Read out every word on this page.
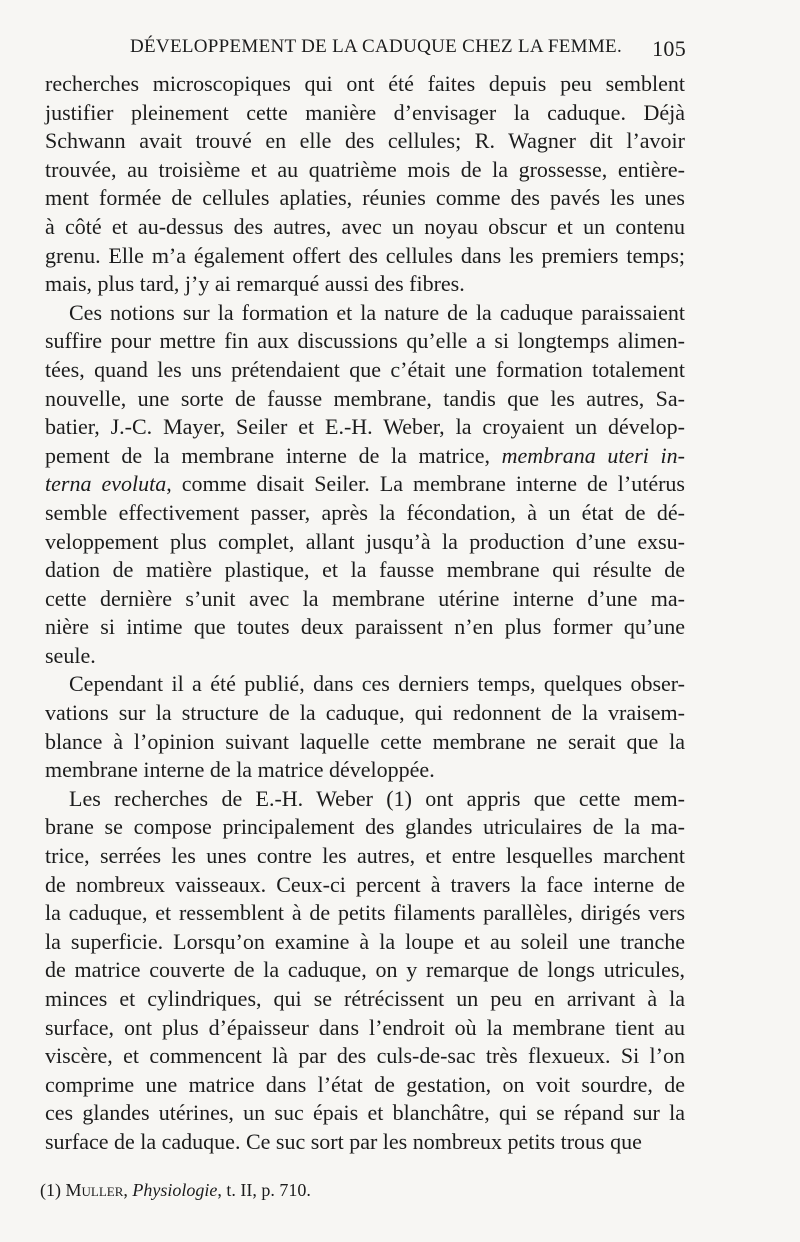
DÉVELOPPEMENT DE LA CADUQUE CHEZ LA FEMME. 105
recherches microscopiques qui ont été faites depuis peu semblent
justifier pleinement cette manière d’envisager la caduque. Déjà
Schwann avait trouvé en elle des cellules; R. Wagner dit l’avoir
trouvée, au troisième et au quatrième mois de la grossesse, entière-
ment formée de cellules aplaties, réunies comme des pavés les unes
à côté et au-dessus des autres, avec un noyau obscur et un contenu
grenu. Elle m’a également offert des cellules dans les premiers temps;
mais, plus tard, j’y ai remarqué aussi des fibres.
Ces notions sur la formation et la nature de la caduque paraissaient
suffire pour mettre fin aux discussions qu’elle a si longtemps alimen-
tées, quand les uns prétendaient que c’était une formation totalement
nouvelle, une sorte de fausse membrane, tandis que les autres, Sa-
batier, J.-C. Mayer, Seiler et E.-H. Weber, la croyaient un dévelop-
pement de la membrane interne de la matrice, membrana uteri in-
terna evoluta, comme disait Seiler. La membrane interne de l’utérus
semble effectivement passer, après la fécondation, à un état de dé-
veloppement plus complet, allant jusqu’à la production d’une exsu-
dation de matière plastique, et la fausse membrane qui résulte de
cette dernière s’unit avec la membrane utérine interne d’une ma-
nière si intime que toutes deux paraissent n’en plus former qu’une
seule.
Cependant il a été publié, dans ces derniers temps, quelques obser-
vations sur la structure de la caduque, qui redonnent de la vraisem-
blance à l’opinion suivant laquelle cette membrane ne serait que la
membrane interne de la matrice développée.
Les recherches de E.-H. Weber (1) ont appris que cette mem-
brane se compose principalement des glandes utriculaires de la ma-
trice, serrées les unes contre les autres, et entre lesquelles marchent
de nombreux vaisseaux. Ceux-ci percent à travers la face interne de
la caduque, et ressemblent à de petits filaments parallèles, dirigés vers
la superficie. Lorsqu’on examine à la loupe et au soleil une tranche
de matrice couverte de la caduque, on y remarque de longs utricules,
minces et cylindriques, qui se rétrécissent un peu en arrivant à la
surface, ont plus d’épaisseur dans l’endroit où la membrane tient au
viscère, et commencent là par des culs-de-sac très flexueux. Si l’on
comprime une matrice dans l’état de gestation, on voit sourdre, de
ces glandes utérines, un suc épais et blanchâtre, qui se répand sur la
surface de la caduque. Ce suc sort par les nombreux petits trous que
(1) Muller, Physiologie, t. II, p. 710.
